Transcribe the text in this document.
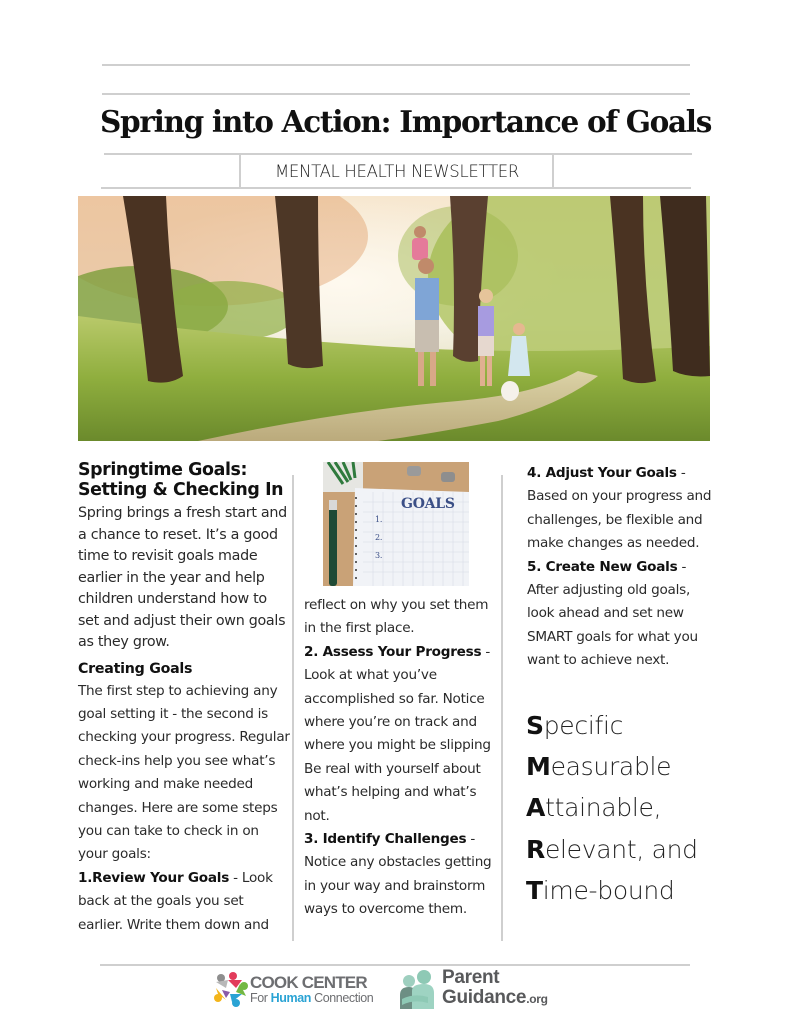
Spring into Action: Importance of Goals
MENTAL HEALTH NEWSLETTER
Springtime Goals: Setting & Checking In

Spring brings a fresh start and a chance to reset. It’s a good time to revisit goals made earlier in the year and help children understand how to set and adjust their own goals as they grow.

Creating Goals

The first step to achieving any goal setting it - the second is checking your progress. Regular check-ins help you see what’s working and make needed changes. Here are some steps you can take to check in on your goals:

1.Review Your Goals - Look back at the goals you set earlier. Write them down and

GOALS
1.
2.
3.

reflect on why you set them in the first place.

2. Assess Your Progress - Look at what you’ve accomplished so far. Notice where you’re on track and where you might be slipping Be real with yourself about what’s helping and what’s not.

3. Identify Challenges - Notice any obstacles getting in your way and brainstorm ways to overcome them.

4. Adjust Your Goals - Based on your progress and challenges, be flexible and make changes as needed.

5. Create New Goals - After adjusting old goals, look ahead and set new SMART goals for what you want to achieve next.

Specific
Measurable
Attainable,
Relevant, and
Time-bound
COOK CENTER
For Human Connection
Parent
Guidance.org
